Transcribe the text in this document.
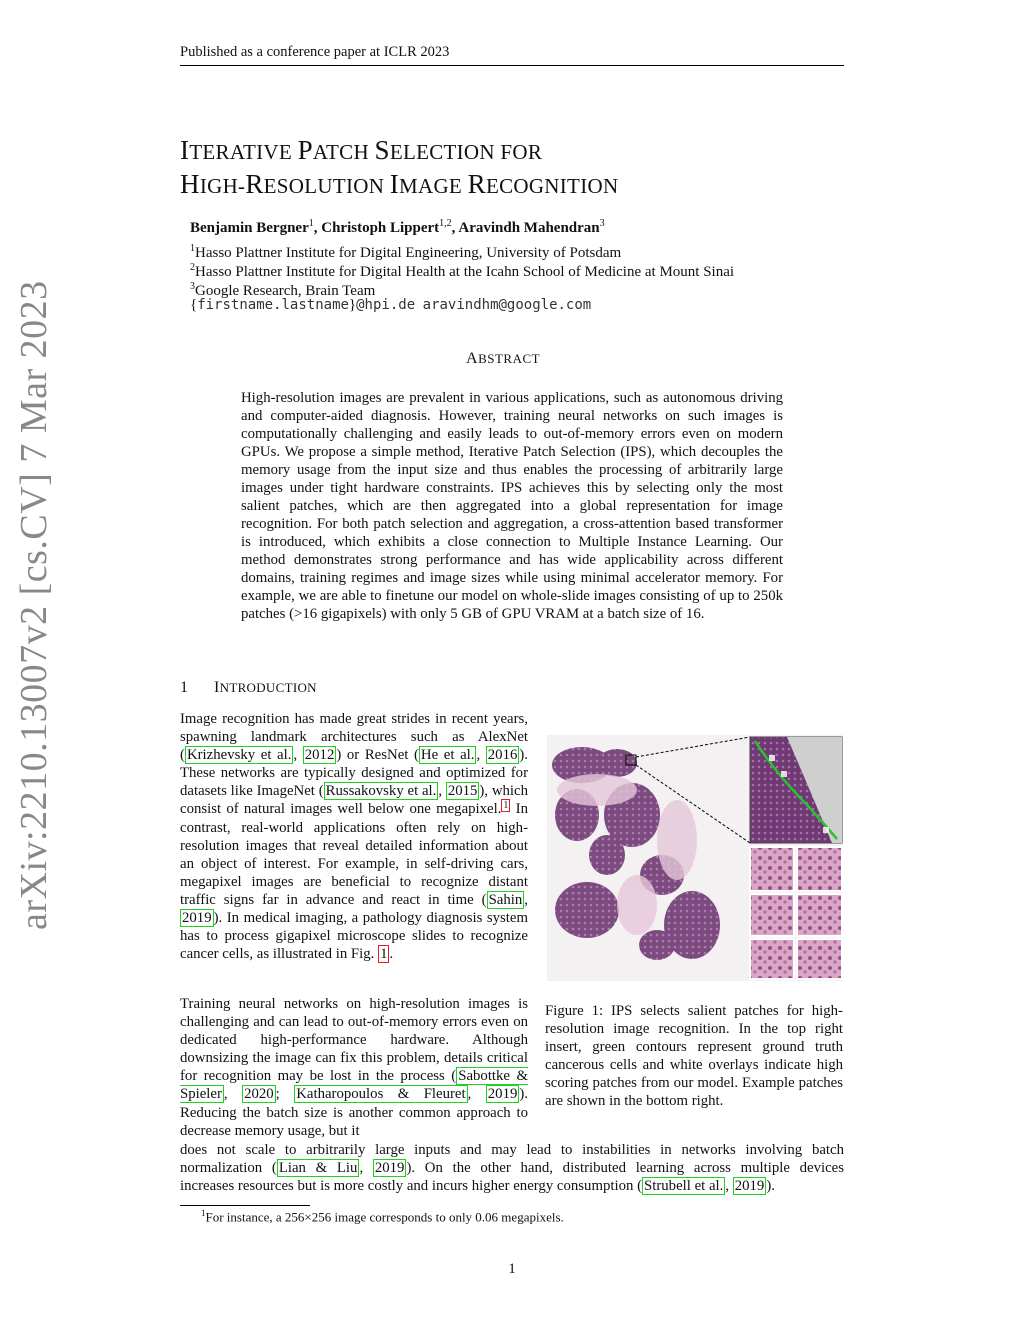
Published as a conference paper at ICLR 2023
ITERATIVE PATCH SELECTION FOR
HIGH-RESOLUTION IMAGE RECOGNITION
Benjamin Bergner$^1$, Christoph Lippert$^{1,2}$, Aravindh Mahendran$^3$
$^1$Hasso Plattner Institute for Digital Engineering, University of Potsdam
$^2$Hasso Plattner Institute for Digital Health at the Icahn School of Medicine at Mount Sinai
$^3$Google Research, Brain Team
{firstname.lastname}@hpi.de aravindhm@google.com
ABSTRACT
High-resolution images are prevalent in various applications, such as autonomous driving and computer-aided diagnosis. However, training neural networks on such images is computationally challenging and easily leads to out-of-memory errors even on modern GPUs. We propose a simple method, Iterative Patch Selection (IPS), which decouples the memory usage from the input size and thus enables the processing of arbitrarily large images under tight hardware constraints. IPS achieves this by selecting only the most salient patches, which are then aggregated into a global representation for image recognition. For both patch selection and aggregation, a cross-attention based transformer is introduced, which exhibits a close connection to Multiple Instance Learning. Our method demonstrates strong performance and has wide applicability across different domains, training regimes and image sizes while using minimal accelerator memory. For example, we are able to finetune our model on whole-slide images consisting of up to 250k patches (>16 gigapixels) with only 5 GB of GPU VRAM at a batch size of 16.
1 INTRODUCTION
Image recognition has made great strides in recent years, spawning landmark architectures such as AlexNet ( Krizhevsky et al. , 2012 ) or ResNet ( He et al. , 2016 ). These networks are typically designed and optimized for datasets like ImageNet ( Russakovsky et al. , 2015 ), which consist of natural images well below one megapixel. $^1$ In contrast, real-world applications often rely on high-resolution images that reveal detailed information about an object of interest. For example, in self-driving cars, megapixel images are beneficial to recognize distant traffic signs far in advance and react in time ( Sahin , 2019 ). In medical imaging, a pathology diagnosis system has to process gigapixel microscope slides to recognize cancer cells, as illustrated in Fig. 1 .
Training neural networks on high-resolution images is challenging and can lead to out-of-memory errors even on dedicated high-performance hardware. Although downsizing the image can fix this problem, details critical for recognition may be lost in the process ( Sabottke & Spieler , 2020 ; Katharopoulos & Fleuret , 2019 ). Reducing the batch size is another common approach to decrease memory usage, but it
does not scale to arbitrarily large inputs and may lead to instabilities in networks involving batch
normalization ( Lian & Liu , 2019 ). On the other hand, distributed learning across multiple devices
increases resources but is more costly and incurs higher energy consumption ( Strubell et al. , 2019 ).
Figure 1: IPS selects salient patches for high-resolution image recognition. In the top right insert, green contours represent ground truth cancerous cells and white overlays indicate high scoring patches from our model. Example patches are shown in the bottom right.
$^1$For instance, a 256×256 image corresponds to only 0.06 megapixels.
1
arXiv:2210.13007v2 [cs.CV] 7 Mar 2023
